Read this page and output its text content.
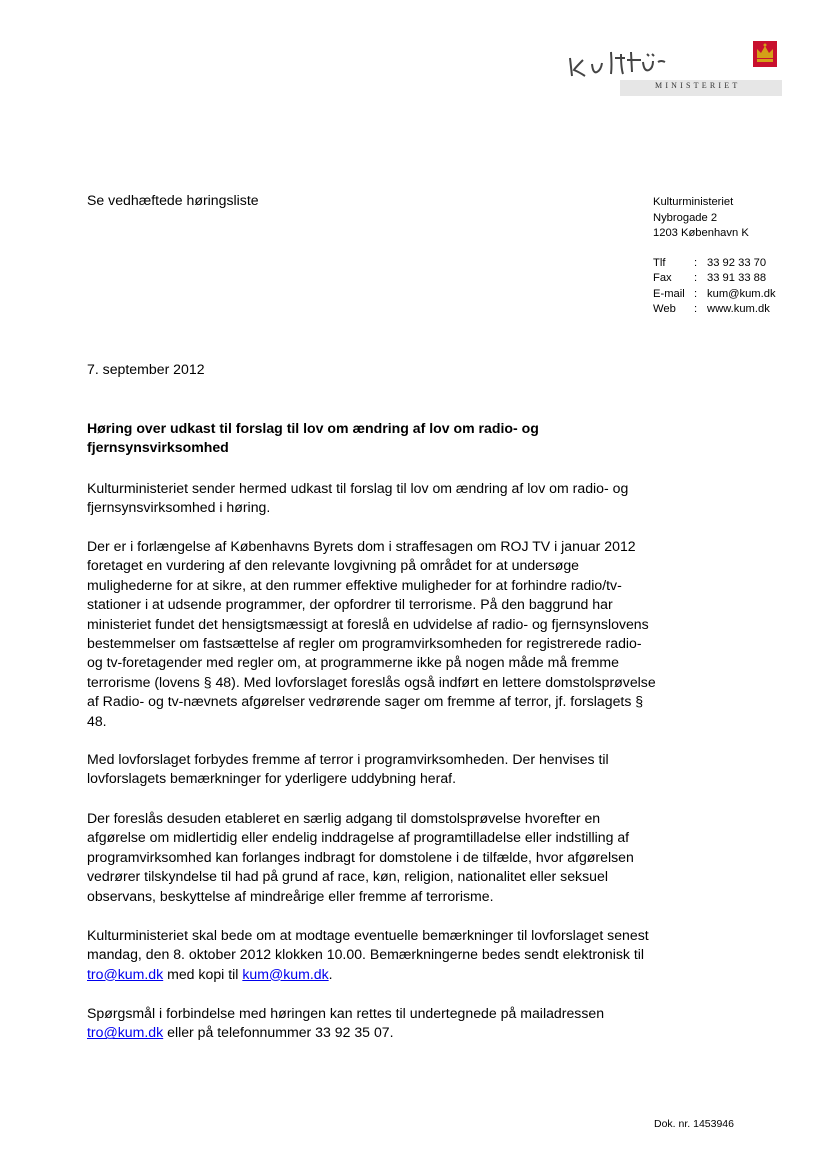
MINISTERIET
Se vedhæftede høringsliste	Kulturministeriet
Nybrogade 2
1203 København K
Tlf	: 33 92 33 70
Fax	: 33 91 33 88
E-mail : kum@kum.dk
Web	: www.kum.dk
7. september 2012
Høring over udkast til forslag til lov om ændring af lov om radio- og fjernsynsvirksomhed
Kulturministeriet sender hermed udkast til forslag til lov om ændring af lov om radio- og fjernsynsvirksomhed i høring.
Der er i forlængelse af Københavns Byrets dom i straffesagen om ROJ TV i januar 2012 foretaget en vurdering af den relevante lovgivning på området for at undersøge mulighederne for at sikre, at den rummer effektive muligheder for at forhindre radio/tv-stationer i at udsende programmer, der opfordrer til terrorisme. På den baggrund har ministeriet fundet det hensigtsmæssigt at foreslå en udvidelse af radio- og fjernsynslovens bestemmelser om fastsættelse af regler om programvirksomheden for registrerede radio- og tv-foretagender med regler om, at programmerne ikke på nogen måde må fremme terrorisme (lovens § 48). Med lovforslaget foreslås også indført en lettere domstolsprøvelse af Radio- og tv-nævnets afgørelser vedrørende sager om fremme af terror, jf. forslagets § 48.
Med lovforslaget forbydes fremme af terror i programvirksomheden. Der henvises til lovforslagets bemærkninger for yderligere uddybning heraf.
Der foreslås desuden etableret en særlig adgang til domstolsprøvelse hvorefter en afgørelse om midlertidig eller endelig inddragelse af programtilladelse eller indstilling af programvirksomhed kan forlanges indbragt for domstolene i de tilfælde, hvor afgørelsen vedrører tilskyndelse til had på grund af race, køn, religion, nationalitet eller seksuel observans, beskyttelse af mindreårige eller fremme af terrorisme.
Kulturministeriet skal bede om at modtage eventuelle bemærkninger til lovforslaget senest mandag, den 8. oktober 2012 klokken 10.00. Bemærkningerne bedes sendt elektronisk til tro@kum.dk med kopi til kum@kum.dk.
Spørgsmål i forbindelse med høringen kan rettes til undertegnede på mailadressen tro@kum.dk eller på telefonnummer 33 92 35 07.
Dok. nr. 1453946
